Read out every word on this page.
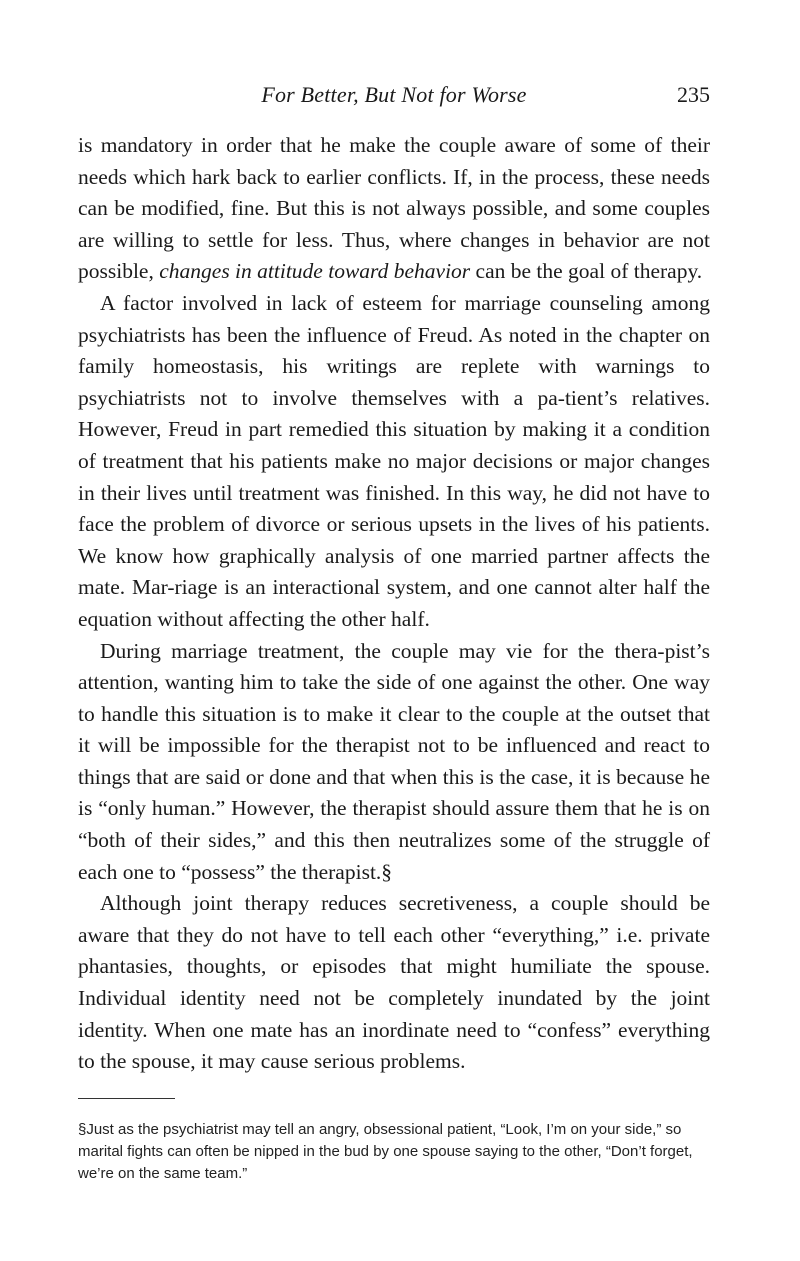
For Better, But Not for Worse	235

is mandatory in order that he make the couple aware of some of their needs which hark back to earlier conflicts. If, in the process, these needs can be modified, fine. But this is not always possible, and some couples are willing to settle for less. Thus, where changes in behavior are not possible, changes in attitude toward behavior can be the goal of therapy.

A factor involved in lack of esteem for marriage counseling among psychiatrists has been the influence of Freud. As noted in the chapter on family homeostasis, his writings are replete with warnings to psychiatrists not to involve themselves with a pa-tient’s relatives. However, Freud in part remedied this situation by making it a condition of treatment that his patients make no major decisions or major changes in their lives until treatment was finished. In this way, he did not have to face the problem of divorce or serious upsets in the lives of his patients. We know how graphically analysis of one married partner affects the mate. Mar-riage is an interactional system, and one cannot alter half the equation without affecting the other half.

During marriage treatment, the couple may vie for the thera-pist’s attention, wanting him to take the side of one against the other. One way to handle this situation is to make it clear to the couple at the outset that it will be impossible for the therapist not to be influenced and react to things that are said or done and that when this is the case, it is because he is “only human.” However, the therapist should assure them that he is on “both of their sides,” and this then neutralizes some of the struggle of each one to “possess” the therapist.§

Although joint therapy reduces secretiveness, a couple should be aware that they do not have to tell each other “everything,” i.e. private phantasies, thoughts, or episodes that might humiliate the spouse. Individual identity need not be completely inundated by the joint identity. When one mate has an inordinate need to “confess” everything to the spouse, it may cause serious problems.

§Just as the psychiatrist may tell an angry, obsessional patient, “Look, I’m on your side,” so marital fights can often be nipped in the bud by one spouse saying to the other, “Don’t forget, we’re on the same team.”
